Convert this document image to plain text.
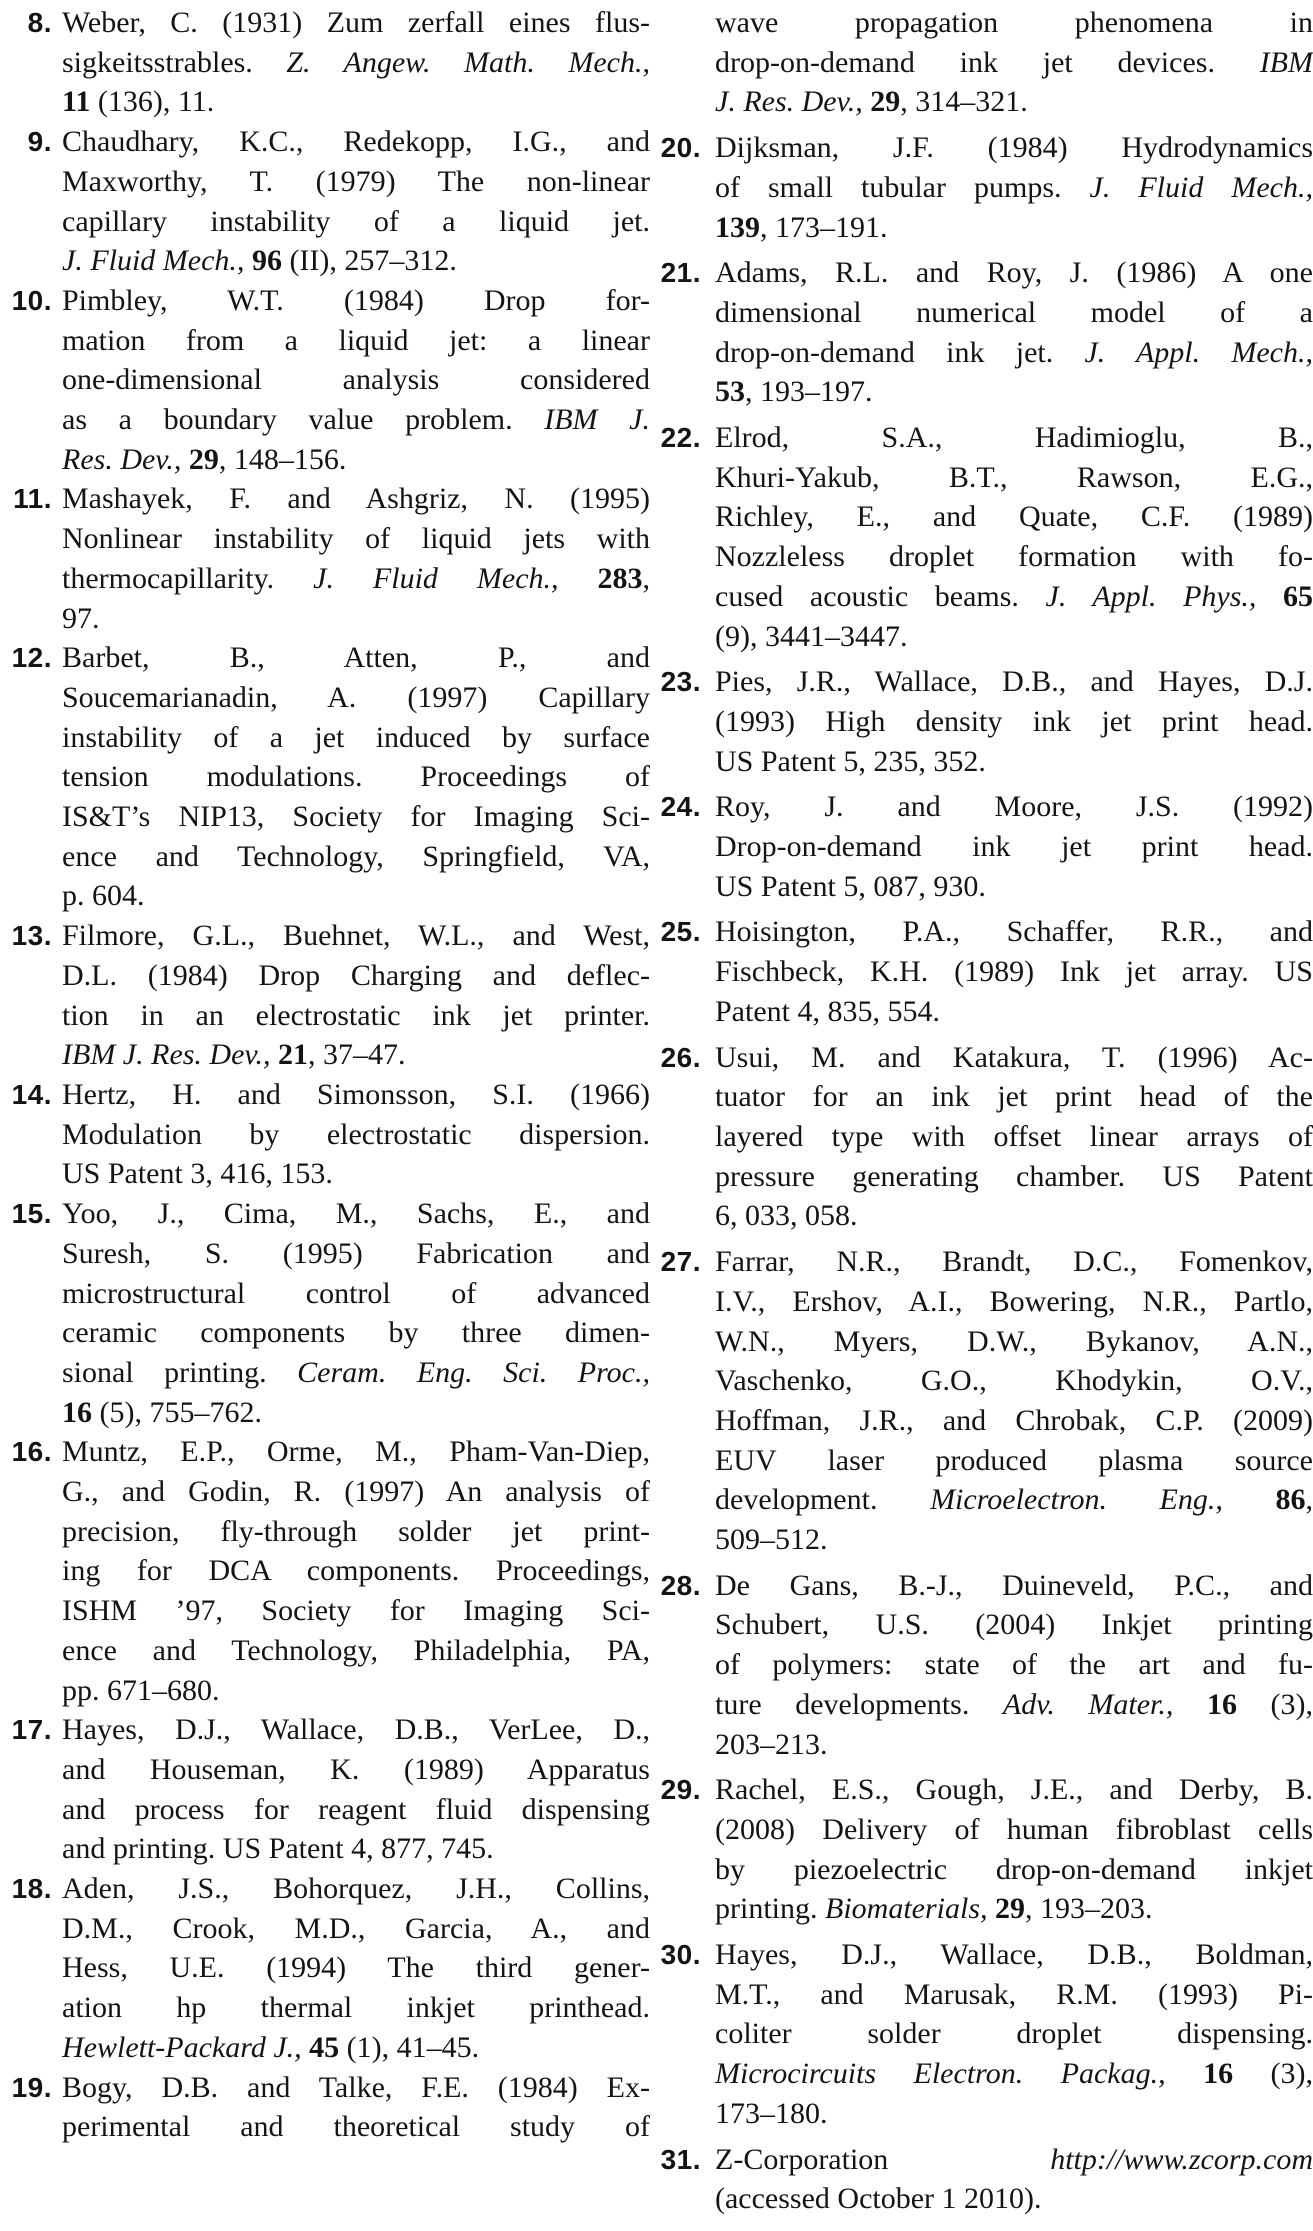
8. Weber, C. (1931) Zum zerfall eines flus-
sigkeitsstrables. Z. Angew. Math. Mech.,
11 (136), 11.
9. Chaudhary, K.C., Redekopp, I.G., and
Maxworthy, T. (1979) The non-linear
capillary instability of a liquid jet.
J. Fluid Mech., 96 (II), 257–312.
10. Pimbley, W.T. (1984) Drop for-
mation from a liquid jet: a linear
one-dimensional analysis considered
as a boundary value problem. IBM J.
Res. Dev., 29, 148–156.
11. Mashayek, F. and Ashgriz, N. (1995)
Nonlinear instability of liquid jets with
thermocapillarity. J. Fluid Mech., 283,
97.
12. Barbet, B., Atten, P., and
Soucemarianadin, A. (1997) Capillary
instability of a jet induced by surface
tension modulations. Proceedings of
IS&T’s NIP13, Society for Imaging Sci-
ence and Technology, Springfield, VA,
p. 604.
13. Filmore, G.L., Buehnet, W.L., and West,
D.L. (1984) Drop Charging and deflec-
tion in an electrostatic ink jet printer.
IBM J. Res. Dev., 21, 37–47.
14. Hertz, H. and Simonsson, S.I. (1966)
Modulation by electrostatic dispersion.
US Patent 3, 416, 153.
15. Yoo, J., Cima, M., Sachs, E., and
Suresh, S. (1995) Fabrication and
microstructural control of advanced
ceramic components by three dimen-
sional printing. Ceram. Eng. Sci. Proc.,
16 (5), 755–762.
16. Muntz, E.P., Orme, M., Pham-Van-Diep,
G., and Godin, R. (1997) An analysis of
precision, fly-through solder jet print-
ing for DCA components. Proceedings,
ISHM ’97, Society for Imaging Sci-
ence and Technology, Philadelphia, PA,
pp. 671–680.
17. Hayes, D.J., Wallace, D.B., VerLee, D.,
and Houseman, K. (1989) Apparatus
and process for reagent fluid dispensing
and printing. US Patent 4, 877, 745.
18. Aden, J.S., Bohorquez, J.H., Collins,
D.M., Crook, M.D., Garcia, A., and
Hess, U.E. (1994) The third gener-
ation hp thermal inkjet printhead.
Hewlett-Packard J., 45 (1), 41–45.
19. Bogy, D.B. and Talke, F.E. (1984) Ex-
perimental and theoretical study of
wave propagation phenomena in
drop-on-demand ink jet devices. IBM
J. Res. Dev., 29, 314–321.
20. Dijksman, J.F. (1984) Hydrodynamics
of small tubular pumps. J. Fluid Mech.,
139, 173–191.
21. Adams, R.L. and Roy, J. (1986) A one
dimensional numerical model of a
drop-on-demand ink jet. J. Appl. Mech.,
53, 193–197.
22. Elrod, S.A., Hadimioglu, B.,
Khuri-Yakub, B.T., Rawson, E.G.,
Richley, E., and Quate, C.F. (1989)
Nozzleless droplet formation with fo-
cused acoustic beams. J. Appl. Phys., 65
(9), 3441–3447.
23. Pies, J.R., Wallace, D.B., and Hayes, D.J.
(1993) High density ink jet print head.
US Patent 5, 235, 352.
24. Roy, J. and Moore, J.S. (1992)
Drop-on-demand ink jet print head.
US Patent 5, 087, 930.
25. Hoisington, P.A., Schaffer, R.R., and
Fischbeck, K.H. (1989) Ink jet array. US
Patent 4, 835, 554.
26. Usui, M. and Katakura, T. (1996) Ac-
tuator for an ink jet print head of the
layered type with offset linear arrays of
pressure generating chamber. US Patent
6, 033, 058.
27. Farrar, N.R., Brandt, D.C., Fomenkov,
I.V., Ershov, A.I., Bowering, N.R., Partlo,
W.N., Myers, D.W., Bykanov, A.N.,
Vaschenko, G.O., Khodykin, O.V.,
Hoffman, J.R., and Chrobak, C.P. (2009)
EUV laser produced plasma source
development. Microelectron. Eng., 86,
509–512.
28. De Gans, B.-J., Duineveld, P.C., and
Schubert, U.S. (2004) Inkjet printing
of polymers: state of the art and fu-
ture developments. Adv. Mater., 16 (3),
203–213.
29. Rachel, E.S., Gough, J.E., and Derby, B.
(2008) Delivery of human fibroblast cells
by piezoelectric drop-on-demand inkjet
printing. Biomaterials, 29, 193–203.
30. Hayes, D.J., Wallace, D.B., Boldman,
M.T., and Marusak, R.M. (1993) Pi-
coliter solder droplet dispensing.
Microcircuits Electron. Packag., 16 (3),
173–180.
31. Z-Corporation http://www.zcorp.com
(accessed October 1 2010).
